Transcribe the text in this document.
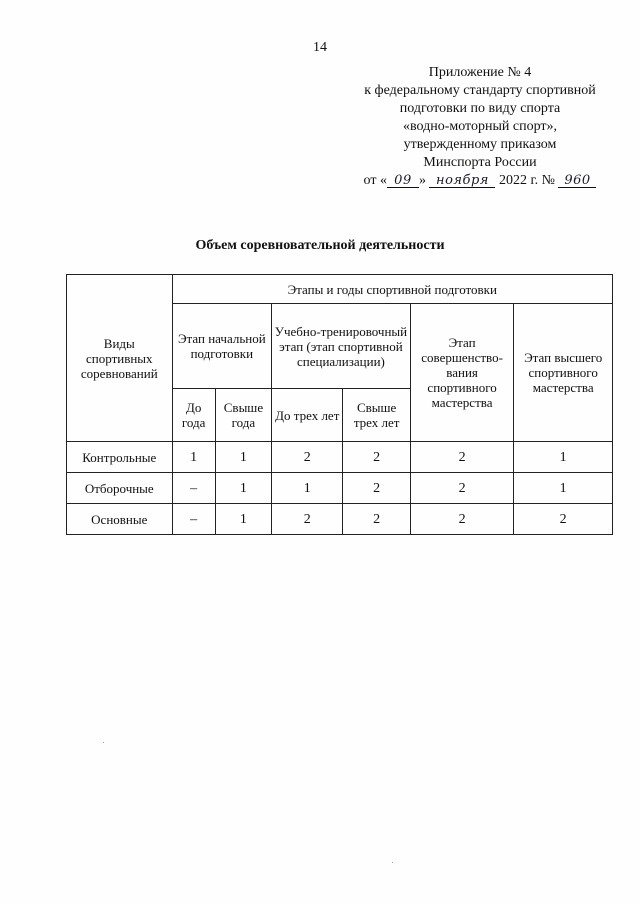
14
Приложение № 4
к федеральному стандарту спортивной
подготовки по виду спорта
«водно-моторный спорт»,
утвержденному приказом
Минспорта России
от « 09 » ноября 2022 г. № 960
Объем соревновательной деятельности
Виды спортивных соревнований	Этапы и годы спортивной подготовки					
	Этап начальной подготовки		Учебно-тренировочный этап (этап спортивной специализации)		Этап совершенство-вания спортивного мастерства	Этап высшего спортивного мастерства
	До года	Свыше года	До трех лет	Свыше трех лет		
Контрольные	1	1	2	2	2	1
Отборочные	–	1	1	2	2	1
Основные	–	1	2	2	2	2
